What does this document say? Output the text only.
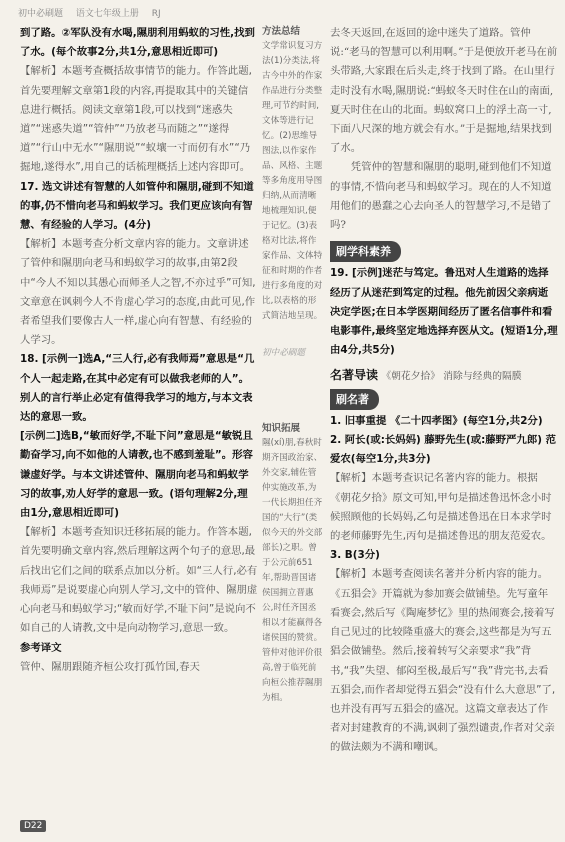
初中必刷题 语文七年级上册 RJ

到了路。②军队没有水喝,隰朋利用蚂蚁的习性,找到了水。(每个故事2分,共1分,意思相近即可)

【解析】本题考查概括故事情节的能力。作答此题,首先要理解文章第1段的内容,再提取其中的关键信息进行概括。阅读文章第1段,可以找到“迷惑失道”“迷惑失道”“管仲”“乃放老马而随之”“遂得道”“行山中无水”“隰朋说”“蚁壤一寸而仞有水”“乃掘地,遂得水”,用自己的话梳理概括上述内容即可。

17. 选文讲述有智慧的人如管仲和隰朋,碰到不知道的事,仍不惜向老马和蚂蚁学习。我们更应该向有智慧、有经验的人学习。(4分)

【解析】本题考查分析文章内容的能力。文章讲述了管仲和隰朋向老马和蚂蚁学习的故事,由第2段中“今人不知以其愚心而师圣人之智,不亦过乎”可知,文章意在讽刺今人不肯虚心学习的态度,由此可见,作者希望我们要像古人一样,虚心向有智慧、有经验的人学习。

18. [示例一]选A,“三人行,必有我师焉”意思是“几个人一起走路,在其中必定有可以做我老师的人”。别人的言行举止必定有值得我学习的地方,与本文表达的意思一致。

[示例二]选B,“敏而好学,不耻下问”意思是“敏锐且勤奋学习,向不如他的人请教,也不感到羞耻”。形容谦虚好学。与本文讲述管仲、隰朋向老马和蚂蚁学习的故事,劝人好学的意思一致。(语句理解2分,理由1分,意思相近即可)

【解析】本题考查知识迁移拓展的能力。作答本题,首先要明确文章内容,然后理解这两个句子的意思,最后找出它们之间的联系点加以分析。如“三人行,必有我师焉”是说要虚心向别人学习,文中的管仲、隰朋虚心向老马和蚂蚁学习;“敏而好学,不耻下问”是说向不如自己的人请教,文中是向动物学习,意思一致。

参考译文

管仲、隰朋跟随齐桓公攻打孤竹国,春天

方法总结
文学常识复习方法(1)分类法,将古今中外的作家作品进行分类整理,可节约时间,文体等进行记忆。(2)思维导图法,以作家作品、风格、主题等多角度用导图归纳,从而清晰地梳理知识,便于记忆。(3)表格对比法,将作家作品、文体特征和时期的作者进行多角度的对比,以表格的形式简洁地呈现。
初中必刷题
知识拓展
隰(xí)朋,春秋时期齐国政治家、外交家,辅佐管仲实施改革,为一代长期担任齐国的“大行”(类似今天的外交部部长)之职。曾于公元前651年,帮助晋国诸侯国拥立晋惠公,时任齐国丞相以才能赢得各诸侯国的赞赏。
管仲对他评价很高,曾于临死前向桓公推荐隰朋为相。

去冬天返回,在返回的途中迷失了道路。管仲说:“老马的智慧可以利用啊。”于是便放开老马在前头带路,大家跟在后头走,终于找到了路。在山里行走时没有水喝,隰朋说:“蚂蚁冬天时住在山的南面,夏天时住在山的北面。蚂蚁窝口上的浮土高一寸,下面八尺深的地方就会有水。”于是掘地,结果找到了水。

凭管仲的智慧和隰朋的聪明,碰到他们不知道的事情,不惜向老马和蚂蚁学习。现在的人不知道用他们的愚蠢之心去向圣人的智慧学习,不是错了吗?

刷学科素养

19. [示例]迷茫与笃定。鲁迅对人生道路的选择经历了从迷茫到笃定的过程。他先前因父亲病逝决定学医;在日本学医期间经历了匿名信事件和看电影事件,最终坚定地选择弃医从文。(短语1分,理由4分,共5分)

名著导读 《朝花夕拾》 消除与经典的隔膜
刷名著

1. 旧事重提 《二十四孝图》(每空1分,共2分)

2. 阿长(或:长妈妈) 藤野先生(或:藤野严九郎) 范爱农(每空1分,共3分)

【解析】本题考查识记名著内容的能力。根据《朝花夕拾》原文可知,甲句是描述鲁迅怀念小时候照顾他的长妈妈,乙句是描述鲁迅在日本求学时的老师藤野先生,丙句是描述鲁迅的朋友范爱农。

3. B(3分)

【解析】本题考查阅读名著并分析内容的能力。《五猖会》开篇就为参加赛会做铺垫。先写童年看赛会,然后写《陶庵梦忆》里的热闹赛会,接着写自己见过的比较隆重盛大的赛会,这些都是为写五猖会做铺垫。然后,接着转写父亲要求“我”背书,“我”失望、郁闷至极,最后写“我”背完书,去看五猖会,而作者却觉得五猖会“没有什么大意思”了,也并没有再写五猖会的盛况。这篇文章表达了作者对封建教育的不满,讽刺了强烈谴责,作者对父亲的做法颇为不满和嘲讽。

D22
